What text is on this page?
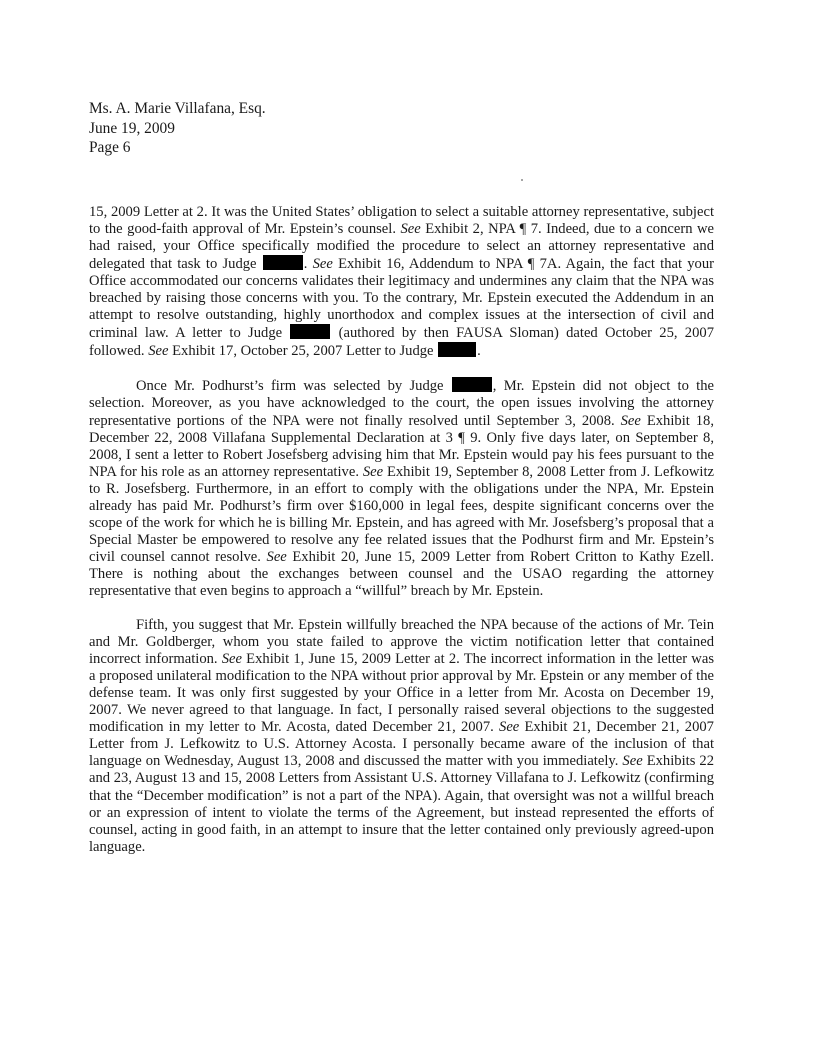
Ms. A. Marie Villafana, Esq.
June 19, 2009
Page 6

15, 2009 Letter at 2. It was the United States’ obligation to select a suitable attorney representative, subject to the good-faith approval of Mr. Epstein’s counsel. See Exhibit 2, NPA ¶ 7. Indeed, due to a concern we had raised, your Office specifically modified the procedure to select an attorney representative and delegated that task to Judge	. See Exhibit 16, Addendum to NPA ¶ 7A. Again, the fact that your Office accommodated our concerns validates their legitimacy and undermines any claim that the NPA was breached by raising those concerns with you. To the contrary, Mr. Epstein executed the Addendum in an attempt to resolve outstanding, highly unorthodox and complex issues at the intersection of civil and criminal law. A letter to Judge	(authored by then FAUSA Sloman) dated October 25, 2007 followed. See Exhibit 17, October 25, 2007 Letter to Judge	.

Once Mr. Podhurst’s firm was selected by Judge	, Mr. Epstein did not object to the selection. Moreover, as you have acknowledged to the court, the open issues involving the attorney representative portions of the NPA were not finally resolved until September 3, 2008. See Exhibit 18, December 22, 2008 Villafana Supplemental Declaration at 3 ¶ 9. Only five days later, on September 8, 2008, I sent a letter to Robert Josefsberg advising him that Mr. Epstein would pay his fees pursuant to the NPA for his role as an attorney representative. See Exhibit 19, September 8, 2008 Letter from J. Lefkowitz to R. Josefsberg. Furthermore, in an effort to comply with the obligations under the NPA, Mr. Epstein already has paid Mr. Podhurst’s firm over $160,000 in legal fees, despite significant concerns over the scope of the work for which he is billing Mr. Epstein, and has agreed with Mr. Josefsberg’s proposal that a Special Master be empowered to resolve any fee related issues that the Podhurst firm and Mr. Epstein’s civil counsel cannot resolve. See Exhibit 20, June 15, 2009 Letter from Robert Critton to Kathy Ezell. There is nothing about the exchanges between counsel and the USAO regarding the attorney representative that even begins to approach a “willful” breach by Mr. Epstein.

Fifth, you suggest that Mr. Epstein willfully breached the NPA because of the actions of Mr. Tein and Mr. Goldberger, whom you state failed to approve the victim notification letter that contained incorrect information. See Exhibit 1, June 15, 2009 Letter at 2. The incorrect information in the letter was a proposed unilateral modification to the NPA without prior approval by Mr. Epstein or any member of the defense team. It was only first suggested by your Office in a letter from Mr. Acosta on December 19, 2007. We never agreed to that language. In fact, I personally raised several objections to the suggested modification in my letter to Mr. Acosta, dated December 21, 2007. See Exhibit 21, December 21, 2007 Letter from J. Lefkowitz to U.S. Attorney Acosta. I personally became aware of the inclusion of that language on Wednesday, August 13, 2008 and discussed the matter with you immediately. See Exhibits 22 and 23, August 13 and 15, 2008 Letters from Assistant U.S. Attorney Villafana to J. Lefkowitz (confirming that the “December modification” is not a part of the NPA). Again, that oversight was not a willful breach or an expression of intent to violate the terms of the Agreement, but instead represented the efforts of counsel, acting in good faith, in an attempt to insure that the letter contained only previously agreed-upon language.
